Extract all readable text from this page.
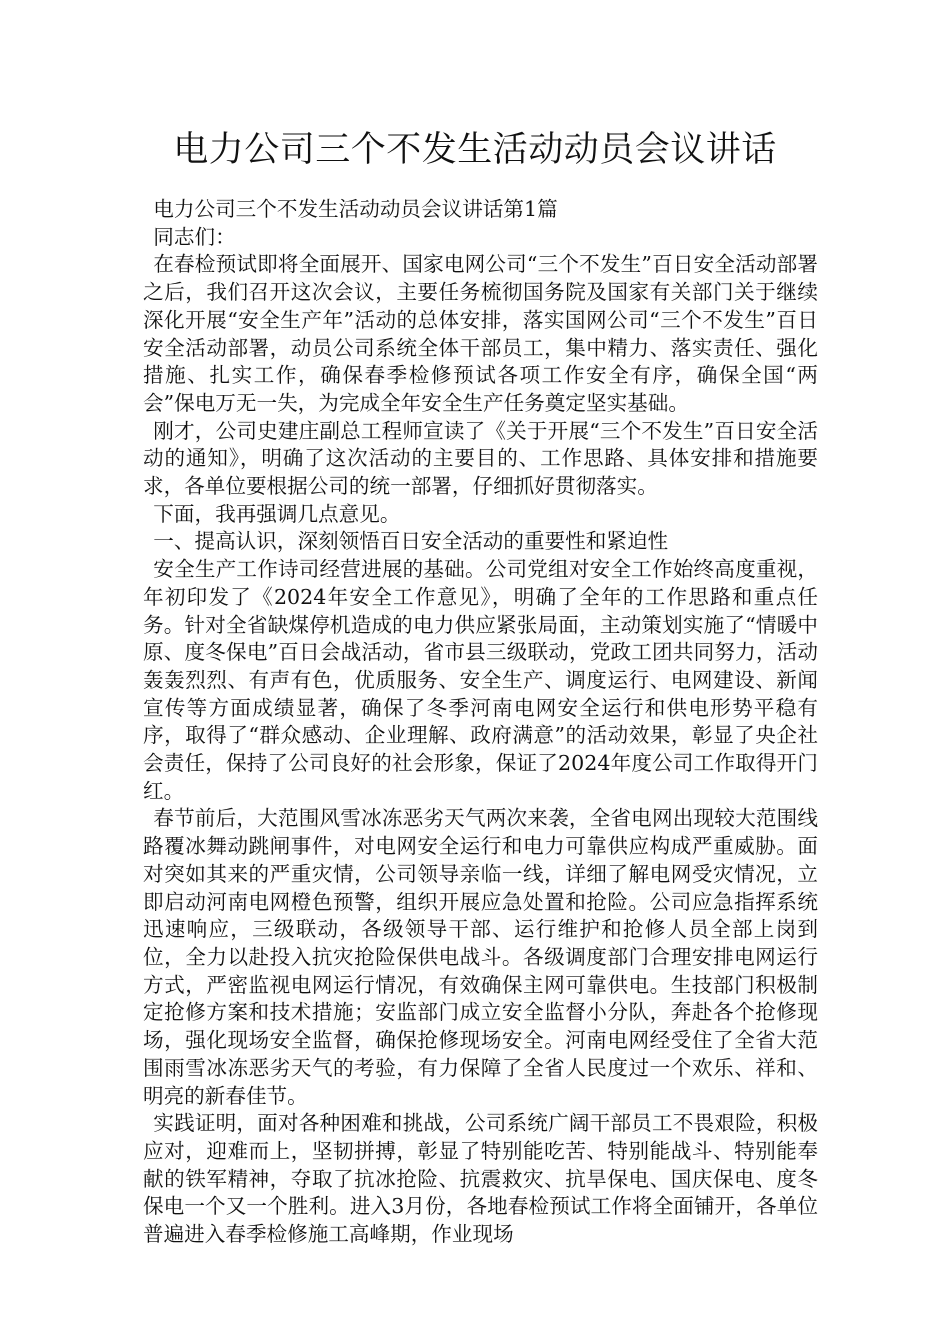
电力公司三个不发生活动动员会议讲话

电力公司三个不发生活动动员会议讲话第1篇

同志们：

在春检预试即将全面展开、国家电网公司“三个不发生”百日安全活动部署之后，我们召开这次会议，主要任务梳彻国务院及国家有关部门关于继续深化开展“安全生产年”活动的总体安排，落实国网公司“三个不发生”百日安全活动部署，动员公司系统全体干部员工，集中精力、落实责任、强化措施、扎实工作，确保春季检修预试各项工作安全有序，确保全国“两会”保电万无一失，为完成全年安全生产任务奠定坚实基础。

刚才，公司史建庄副总工程师宣读了《关于开展“三个不发生”百日安全活动的通知》，明确了这次活动的主要目的、工作思路、具体安排和措施要求，各单位要根据公司的统一部署，仔细抓好贯彻落实。

下面，我再强调几点意见。

一、提高认识，深刻领悟百日安全活动的重要性和紧迫性

安全生产工作诗司经营进展的基础。公司党组对安全工作始终高度重视，年初印发了《2024年安全工作意见》，明确了全年的工作思路和重点任务。针对全省缺煤停机造成的电力供应紧张局面，主动策划实施了“情暖中原、度冬保电”百日会战活动，省市县三级联动，党政工团共同努力，活动轰轰烈烈、有声有色，优质服务、安全生产、调度运行、电网建设、新闻宣传等方面成绩显著，确保了冬季河南电网安全运行和供电形势平稳有序，取得了“群众感动、企业理解、政府满意”的活动效果，彰显了央企社会责任，保持了公司良好的社会形象，保证了2024年度公司工作取得开门红。

春节前后，大范围风雪冰冻恶劣天气两次来袭，全省电网出现较大范围线路覆冰舞动跳闸事件，对电网安全运行和电力可靠供应构成严重威胁。面对突如其来的严重灾情，公司领导亲临一线，详细了解电网受灾情况，立即启动河南电网橙色预警，组织开展应急处置和抢险。公司应急指挥系统迅速响应，三级联动，各级领导干部、运行维护和抢修人员全部上岗到位，全力以赴投入抗灾抢险保供电战斗。各级调度部门合理安排电网运行方式，严密监视电网运行情况，有效确保主网可靠供电。生技部门积极制定抢修方案和技术措施；安监部门成立安全监督小分队，奔赴各个抢修现场，强化现场安全监督，确保抢修现场安全。河南电网经受住了全省大范围雨雪冰冻恶劣天气的考验，有力保障了全省人民度过一个欢乐、祥和、明亮的新春佳节。

实践证明，面对各种困难和挑战，公司系统广阔干部员工不畏艰险，积极应对，迎难而上，坚韧拼搏，彰显了特别能吃苦、特别能战斗、特别能奉献的铁军精神，夺取了抗冰抢险、抗震救灾、抗旱保电、国庆保电、度冬保电一个又一个胜利。进入3月份，各地春检预试工作将全面铺开，各单位普遍进入春季检修施工高峰期，作业现场
